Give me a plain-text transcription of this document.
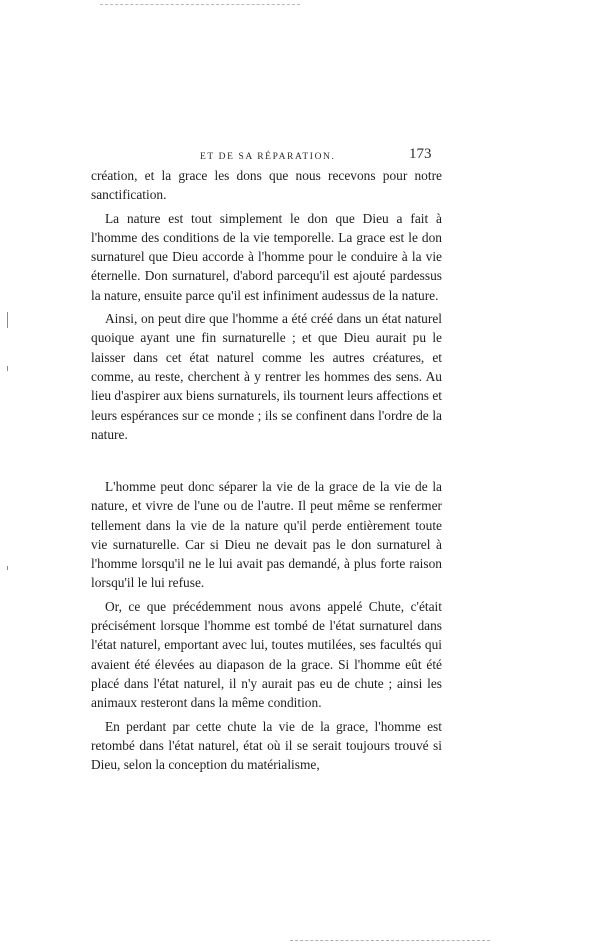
ET DE SA RÉPARATION.	173

création, et la grace les dons que nous recevons pour notre sanctification.

La nature est tout simplement le don que Dieu a fait à l'homme des conditions de la vie temporelle. La grace est le don surnaturel que Dieu accorde à l'homme pour le conduire à la vie éternelle. Don surnaturel, d'abord parcequ'il est ajouté pardessus la nature, ensuite parce qu'il est infiniment audessus de la nature.

Ainsi, on peut dire que l'homme a été créé dans un état naturel quoique ayant une fin surnaturelle ; et que Dieu aurait pu le laisser dans cet état naturel comme les autres créatures, et comme, au reste, cherchent à y rentrer les hommes des sens. Au lieu d'aspirer aux biens surnaturels, ils tournent leurs affections et leurs espérances sur ce monde ; ils se confinent dans l'ordre de la nature.

L'homme peut donc séparer la vie de la grace de la vie de la nature, et vivre de l'une ou de l'autre. Il peut même se renfermer tellement dans la vie de la nature qu'il perde entièrement toute vie surnaturelle. Car si Dieu ne devait pas le don surnaturel à l'homme lorsqu'il ne le lui avait pas demandé, à plus forte raison lorsqu'il le lui refuse.

Or, ce que précédemment nous avons appelé Chute, c'était précisément lorsque l'homme est tombé de l'état surnaturel dans l'état naturel, emportant avec lui, toutes mutilées, ses facultés qui avaient été élevées au diapason de la grace. Si l'homme eût été placé dans l'état naturel, il n'y aurait pas eu de chute ; ainsi les animaux resteront dans la même condition.

En perdant par cette chute la vie de la grace, l'homme est retombé dans l'état naturel, état où il se serait toujours trouvé si Dieu, selon la conception du matérialisme,
